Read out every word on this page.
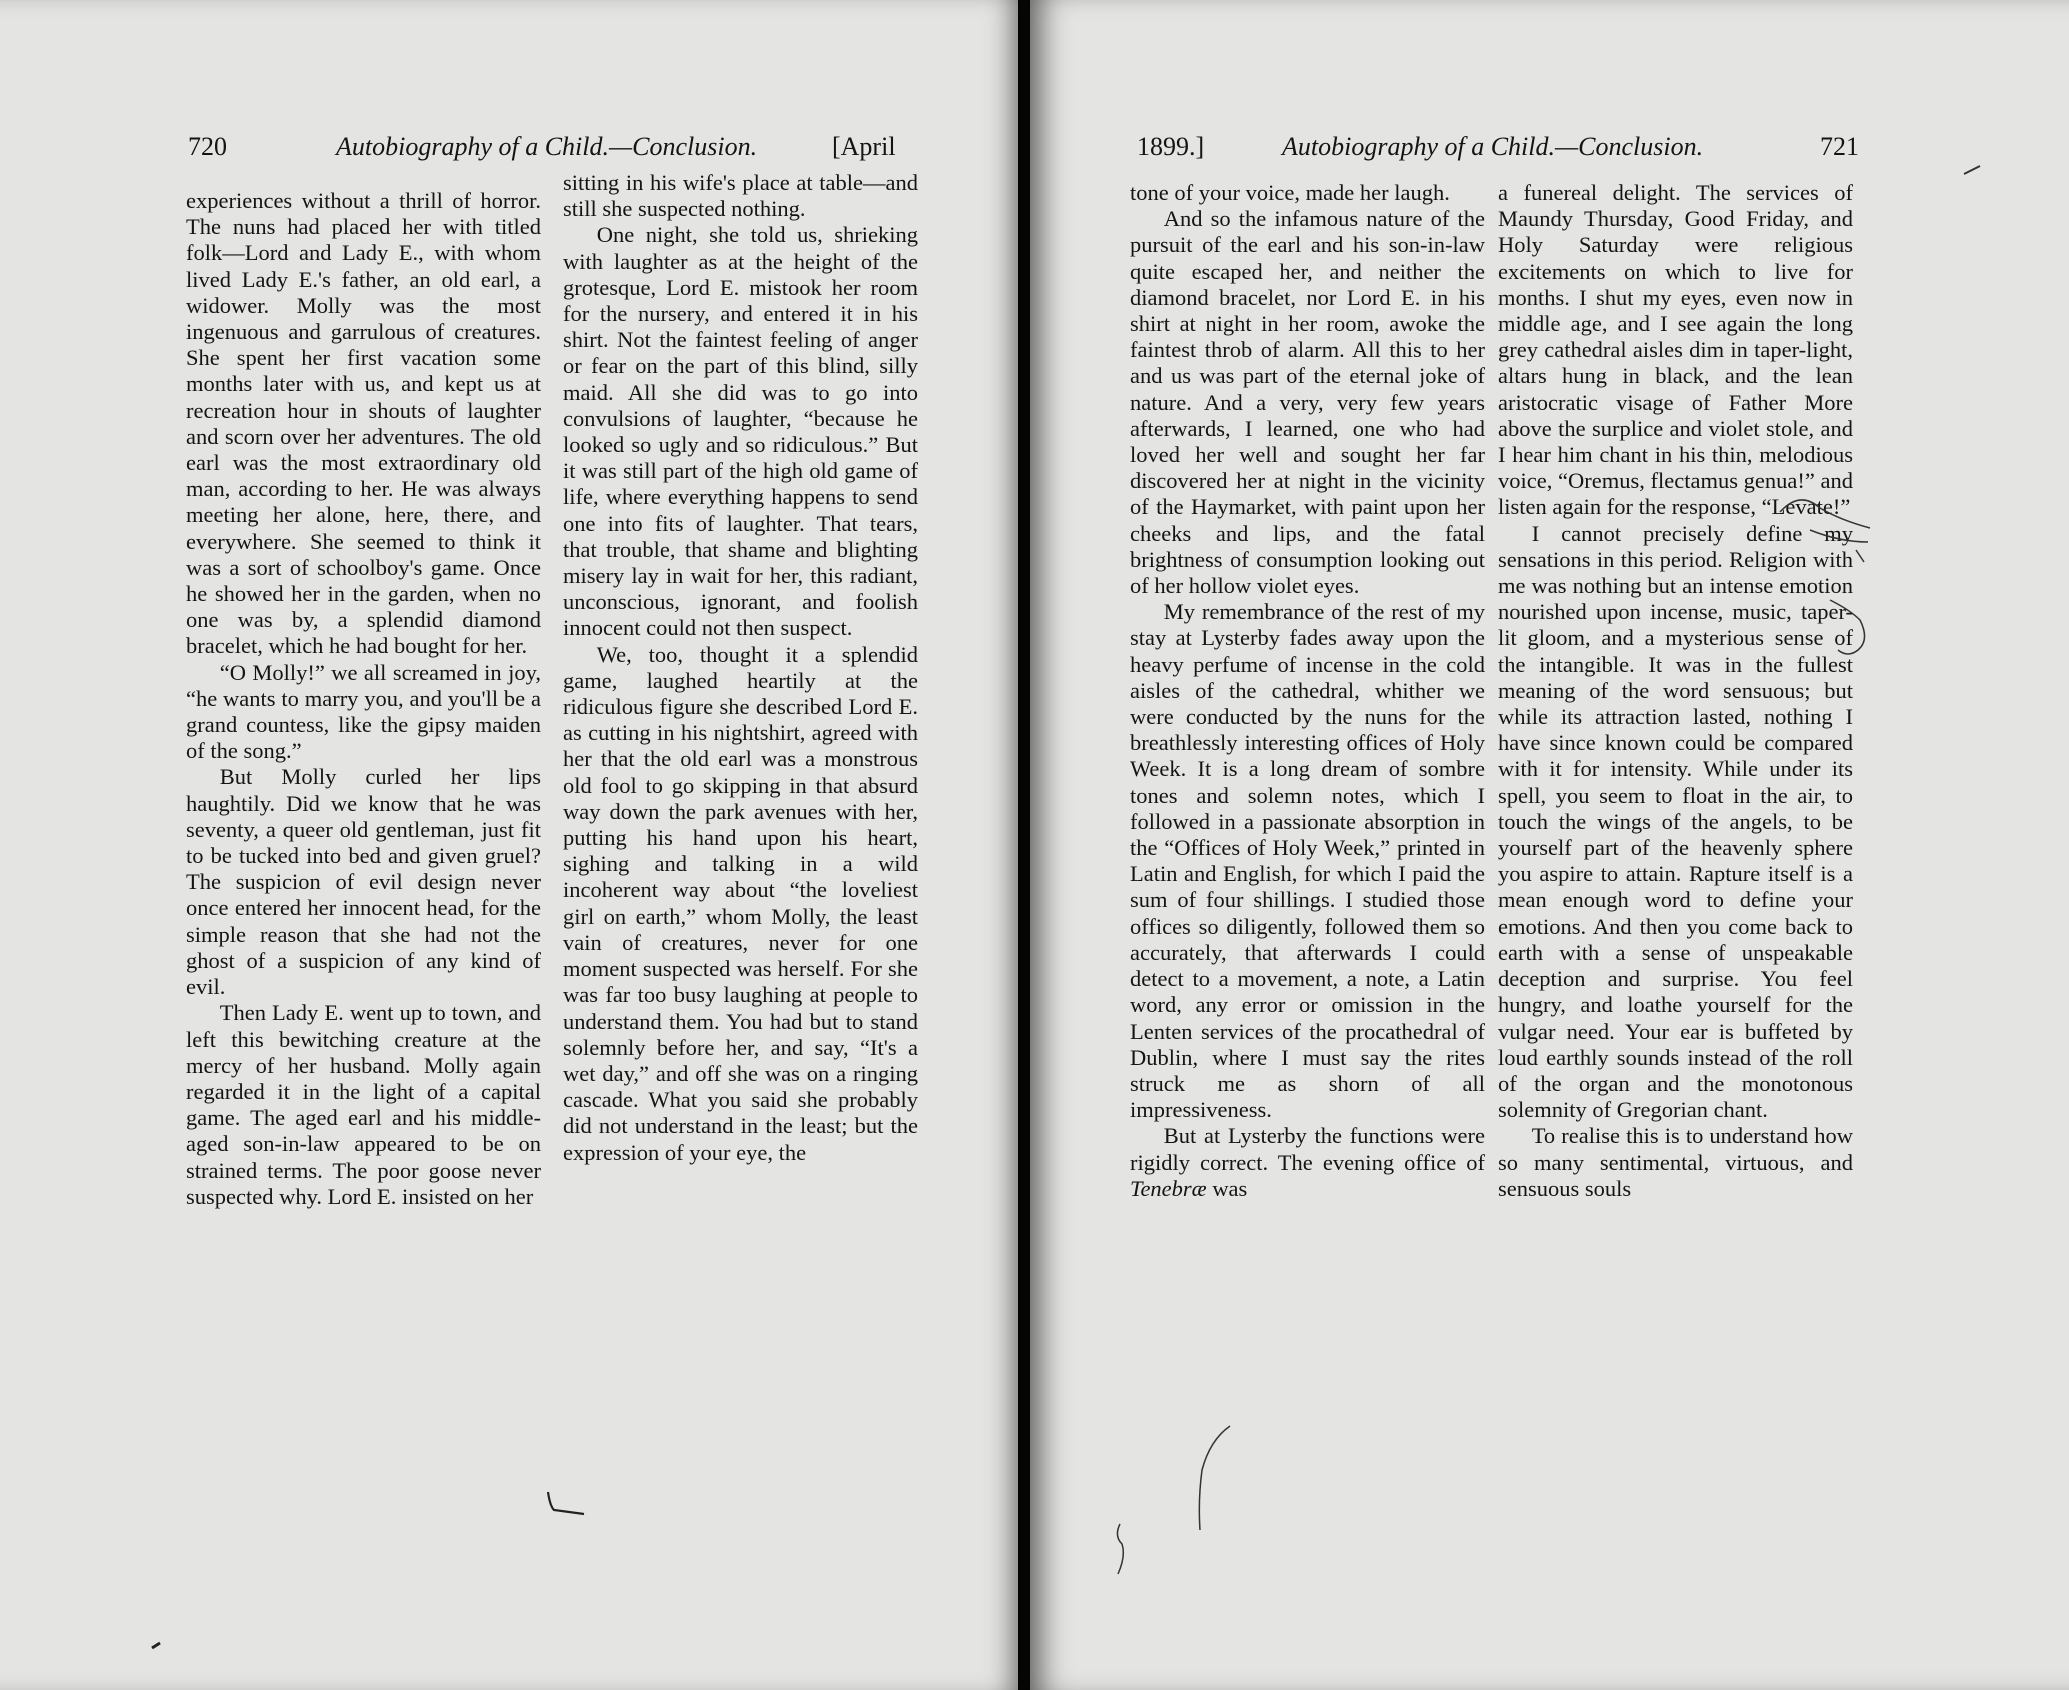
720	Autobiography of a Child.—Conclusion.	[April

experiences without a thrill of horror. The nuns had placed her with titled folk—Lord and Lady E., with whom lived Lady E.'s father, an old earl, a widower. Molly was the most ingenuous and garrulous of creatures. She spent her first vacation some months later with us, and kept us at recreation hour in shouts of laughter and scorn over her adventures. The old earl was the most extraordinary old man, according to her. He was always meeting her alone, here, there, and everywhere. She seemed to think it was a sort of schoolboy's game. Once he showed her in the garden, when no one was by, a splendid diamond bracelet, which he had bought for her.

“O Molly!” we all screamed in joy, “he wants to marry you, and you'll be a grand countess, like the gipsy maiden of the song.”

But Molly curled her lips haughtily. Did we know that he was seventy, a queer old gentleman, just fit to be tucked into bed and given gruel? The suspicion of evil design never once entered her innocent head, for the simple reason that she had not the ghost of a suspicion of any kind of evil.

Then Lady E. went up to town, and left this bewitching creature at the mercy of her husband. Molly again regarded it in the light of a capital game. The aged earl and his middle-aged son-in-law appeared to be on strained terms. The poor goose never suspected why. Lord E. insisted on her

sitting in his wife's place at table—and still she suspected nothing.

One night, she told us, shrieking with laughter as at the height of the grotesque, Lord E. mistook her room for the nursery, and entered it in his shirt. Not the faintest feeling of anger or fear on the part of this blind, silly maid. All she did was to go into convulsions of laughter, “because he looked so ugly and so ridiculous.” But it was still part of the high old game of life, where everything happens to send one into fits of laughter. That tears, that trouble, that shame and blighting misery lay in wait for her, this radiant, unconscious, ignorant, and foolish innocent could not then suspect.

We, too, thought it a splendid game, laughed heartily at the ridiculous figure she described Lord E. as cutting in his nightshirt, agreed with her that the old earl was a monstrous old fool to go skipping in that absurd way down the park avenues with her, putting his hand upon his heart, sighing and talking in a wild incoherent way about “the loveliest girl on earth,” whom Molly, the least vain of creatures, never for one moment suspected was herself. For she was far too busy laughing at people to understand them. You had but to stand solemnly before her, and say, “It's a wet day,” and off she was on a ringing cascade. What you said she probably did not understand in the least; but the expression of your eye, the

1899.]	Autobiography of a Child.—Conclusion.	721

tone of your voice, made her laugh.

And so the infamous nature of the pursuit of the earl and his son-in-law quite escaped her, and neither the diamond bracelet, nor Lord E. in his shirt at night in her room, awoke the faintest throb of alarm. All this to her and us was part of the eternal joke of nature. And a very, very few years afterwards, I learned, one who had loved her well and sought her far discovered her at night in the vicinity of the Haymarket, with paint upon her cheeks and lips, and the fatal brightness of consumption looking out of her hollow violet eyes.

My remembrance of the rest of my stay at Lysterby fades away upon the heavy perfume of incense in the cold aisles of the cathedral, whither we were conducted by the nuns for the breathlessly interesting offices of Holy Week. It is a long dream of sombre tones and solemn notes, which I followed in a passionate absorption in the “Offices of Holy Week,” printed in Latin and English, for which I paid the sum of four shillings. I studied those offices so diligently, followed them so accurately, that afterwards I could detect to a movement, a note, a Latin word, any error or omission in the Lenten services of the procathedral of Dublin, where I must say the rites struck me as shorn of all impressiveness.

But at Lysterby the functions were rigidly correct. The evening office of Tenebræ was

a funereal delight. The services of Maundy Thursday, Good Friday, and Holy Saturday were religious excitements on which to live for months. I shut my eyes, even now in middle age, and I see again the long grey cathedral aisles dim in taper-light, altars hung in black, and the lean aristocratic visage of Father More above the surplice and violet stole, and I hear him chant in his thin, melodious voice, “Oremus, flectamus genua!” and listen again for the response, “Levate!”

I cannot precisely define my sensations in this period. Religion with me was nothing but an intense emotion nourished upon incense, music, taper-lit gloom, and a mysterious sense of the intangible. It was in the fullest meaning of the word sensuous; but while its attraction lasted, nothing I have since known could be compared with it for intensity. While under its spell, you seem to float in the air, to touch the wings of the angels, to be yourself part of the heavenly sphere you aspire to attain. Rapture itself is a mean enough word to define your emotions. And then you come back to earth with a sense of unspeakable deception and surprise. You feel hungry, and loathe yourself for the vulgar need. Your ear is buffeted by loud earthly sounds instead of the roll of the organ and the monotonous solemnity of Gregorian chant.

To realise this is to understand how so many sentimental, virtuous, and sensuous souls
